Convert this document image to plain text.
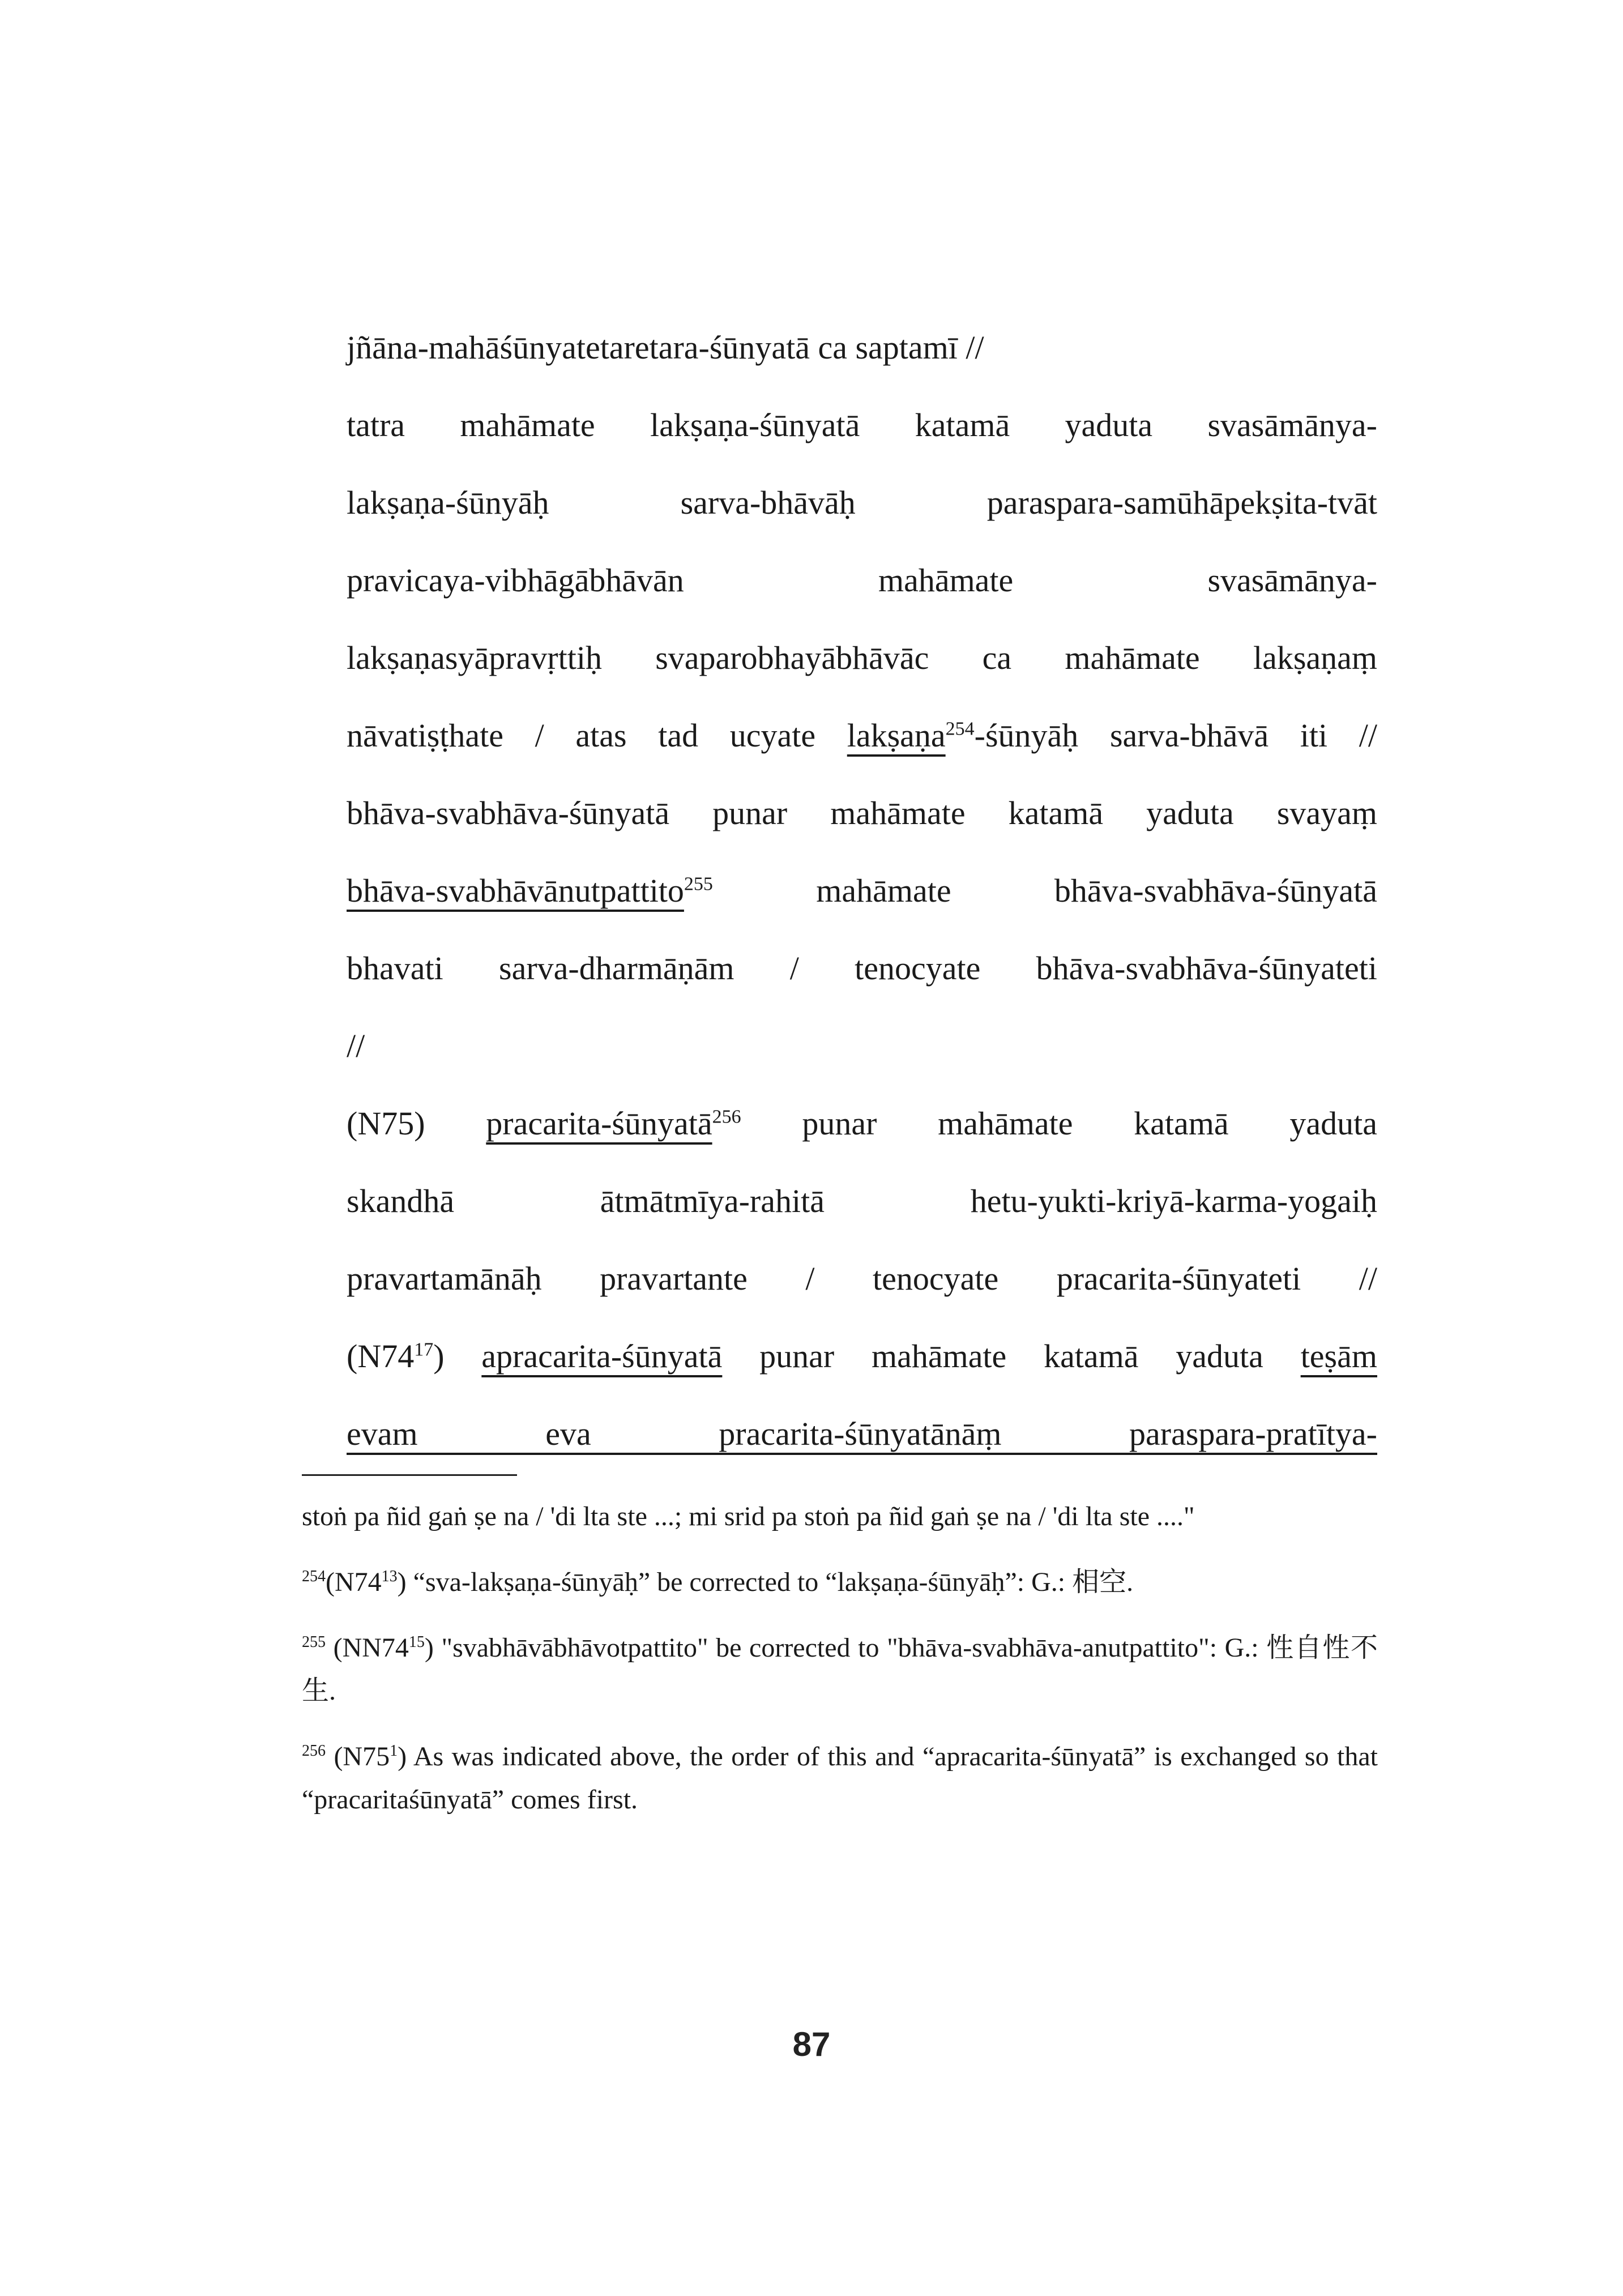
jñāna-mahāśūnyatetaretara-śūnyatā ca saptamī //
tatra mahāmate lakṣaṇa-śūnyatā katamā yaduta svasāmānya-
lakṣaṇa-śūnyāḥ sarva-bhāvāḥ paraspara-samūhāpekṣita-tvāt
pravicaya-vibhāgābhāvān mahāmate svasāmānya-
lakṣaṇasyāpravṛttiḥ svaparobhayābhāvāc ca mahāmate lakṣaṇaṃ
nāvatiṣṭhate / atas tad ucyate lakṣaṇa$^{254}$-śūnyāḥ sarva-bhāvā iti //
bhāva-svabhāva-śūnyatā punar mahāmate katamā yaduta svayaṃ
bhāva-svabhāvānutpattito$^{255}$ mahāmate bhāva-svabhāva-śūnyatā
bhavati sarva-dharmāṇām / tenocyate bhāva-svabhāva-śūnyateti
//
(N75) pracarita-śūnyatā$^{256}$ punar mahāmate katamā yaduta
skandhā ātmātmīya-rahitā hetu-yukti-kriyā-karma-yogaiḥ
pravartamānāḥ pravartante / tenocyate pracarita-śūnyateti //
$(N74^{17})$ apracarita-śūnyatā punar mahāmate katamā yaduta teṣām
evam eva pracarita-śūnyatānāṃ paraspara-pratītya-

stoṅ pa ñid gaṅ ṣe na / 'di lta ste ...; mi srid pa stoṅ pa ñid gaṅ ṣe na / 'di lta ste ...."

$^{254}(N74^{13})$ “sva-lakṣaṇa-śūnyāḥ” be corrected to “lakṣaṇa-śūnyāḥ”: G.: 相空.

$^{255}$ $(NN74^{15})$ "svabhāvābhāvotpattito" be corrected to "bhāva-svabhāva-anutpattito": G.: 性自性不生.

$^{256}$ $(N75^1)$ As was indicated above, the order of this and “apracarita-śūnyatā” is exchanged so that “pracaritaśūnyatā” comes first.

87
